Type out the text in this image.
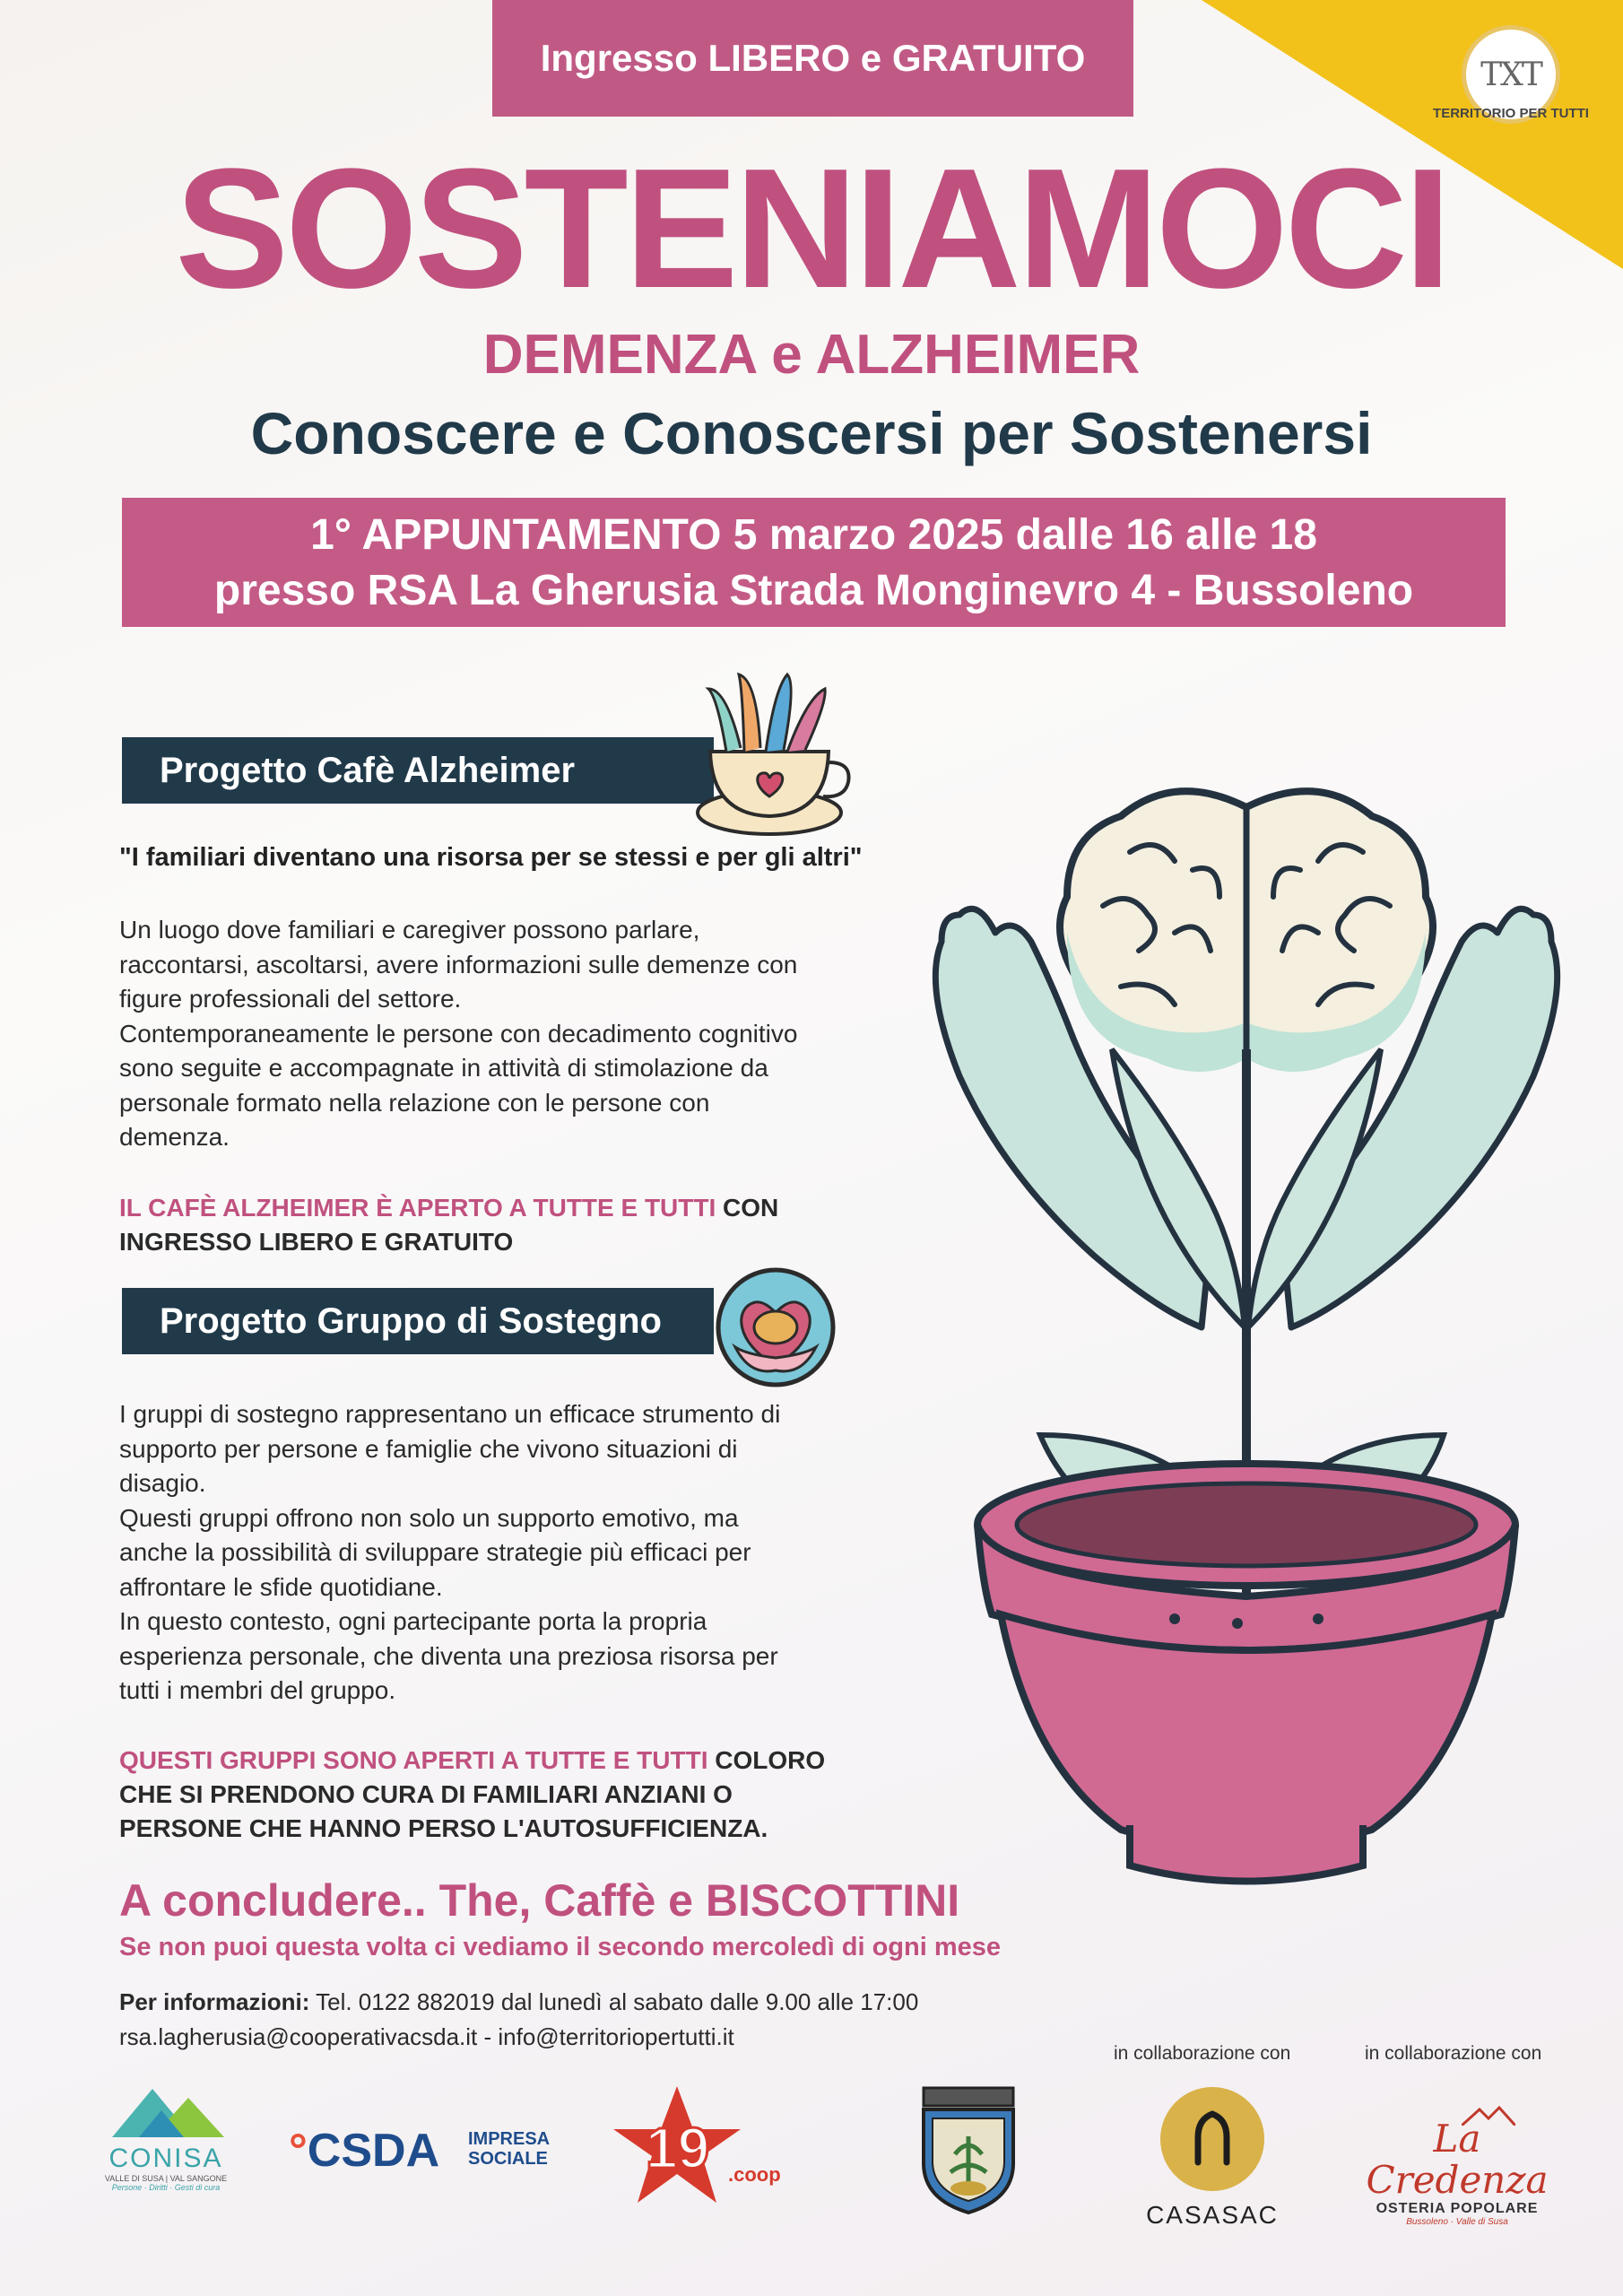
TXT
TERRITORIO PER TUTTI
Ingresso LIBERO e GRATUITO
SOSTENIAMOCI
DEMENZA e ALZHEIMER
Conoscere e Conoscersi per Sostenersi
1° APPUNTAMENTO 5 marzo 2025 dalle 16 alle 18
presso RSA La Gherusia Strada Monginevro 4 - Bussoleno
Progetto Cafè Alzheimer
"I familiari diventano una risorsa per se stessi e per gli altri"
Un luogo dove familiari e caregiver possono parlare,
raccontarsi, ascoltarsi, avere informazioni sulle demenze con
figure professionali del settore.
Contemporaneamente le persone con decadimento cognitivo
sono seguite e accompagnate in attività di stimolazione da
personale formato nella relazione con le persone con
demenza.
IL CAFÈ ALZHEIMER È APERTO A TUTTE E TUTTI CON
INGRESSO LIBERO E GRATUITO
Progetto Gruppo di Sostegno
I gruppi di sostegno rappresentano un efficace strumento di
supporto per persone e famiglie che vivono situazioni di
disagio.
Questi gruppi offrono non solo un supporto emotivo, ma
anche la possibilità di sviluppare strategie più efficaci per
affrontare le sfide quotidiane.
In questo contesto, ogni partecipante porta la propria
esperienza personale, che diventa una preziosa risorsa per
tutti i membri del gruppo.
QUESTI GRUPPI SONO APERTI A TUTTE E TUTTI COLORO
CHE SI PRENDONO CURA DI FAMILIARI ANZIANI O
PERSONE CHE HANNO PERSO L'AUTOSUFFICIENZA.
A concludere.. The, Caffè e BISCOTTINI
Se non puoi questa volta ci vediamo il secondo mercoledì di ogni mese
Per informazioni: Tel. 0122 882019 dal lunedì al sabato dalle 9.00 alle 17:00
rsa.lagherusia@cooperativacsda.it - info@territoriopertutti.it
in collaborazione con	in collaborazione con
CONISA
VALLE DI SUSA | VAL SANGONE
Persone · Diritti · Gesti di cura
°CSDA IMPRESA
SOCIALE 19 .coop
CASASAC
La Credenza
OSTERIA POPOLARE
Bussoleno · Valle di Susa
